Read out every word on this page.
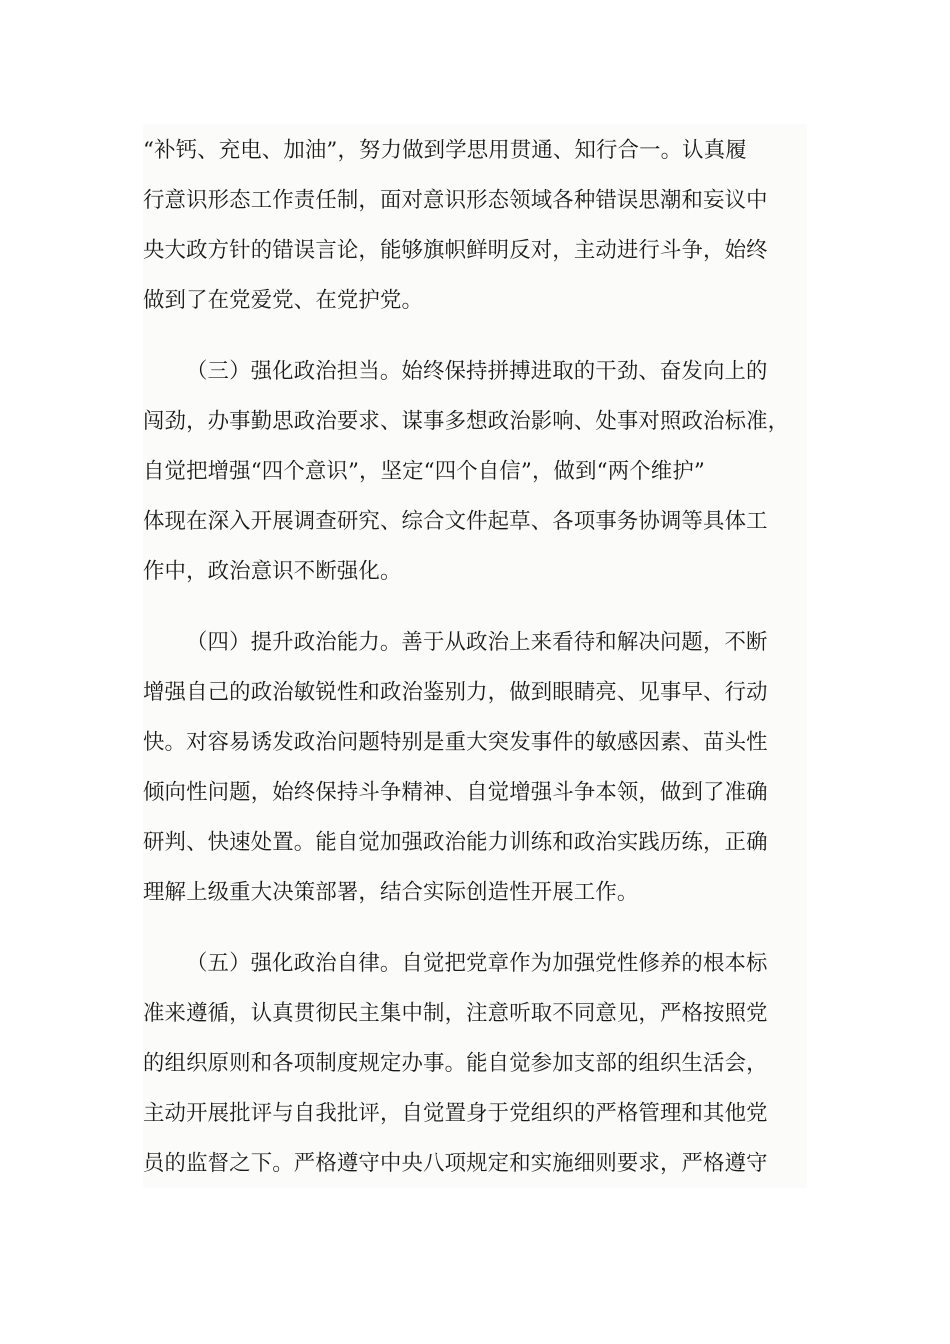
“补钙、充电、加油”，努力做到学思用贯通、知行合一。认真履
行意识形态工作责任制，面对意识形态领域各种错误思潮和妄议中
央大政方针的错误言论，能够旗帜鲜明反对，主动进行斗争，始终
做到了在党爱党、在党护党。
（三）强化政治担当。始终保持拼搏进取的干劲、奋发向上的
闯劲，办事勤思政治要求、谋事多想政治影响、处事对照政治标准，
自觉把增强“四个意识”，坚定“四个自信”，做到“两个维护”
体现在深入开展调查研究、综合文件起草、各项事务协调等具体工
作中，政治意识不断强化。
（四）提升政治能力。善于从政治上来看待和解决问题，不断
增强自己的政治敏锐性和政治鉴别力，做到眼睛亮、见事早、行动
快。对容易诱发政治问题特别是重大突发事件的敏感因素、苗头性
倾向性问题，始终保持斗争精神、自觉增强斗争本领，做到了准确
研判、快速处置。能自觉加强政治能力训练和政治实践历练，正确
理解上级重大决策部署，结合实际创造性开展工作。
（五）强化政治自律。自觉把党章作为加强党性修养的根本标
准来遵循，认真贯彻民主集中制，注意听取不同意见，严格按照党
的组织原则和各项制度规定办事。能自觉参加支部的组织生活会，
主动开展批评与自我批评，自觉置身于党组织的严格管理和其他党
员的监督之下。严格遵守中央八项规定和实施细则要求，严格遵守
